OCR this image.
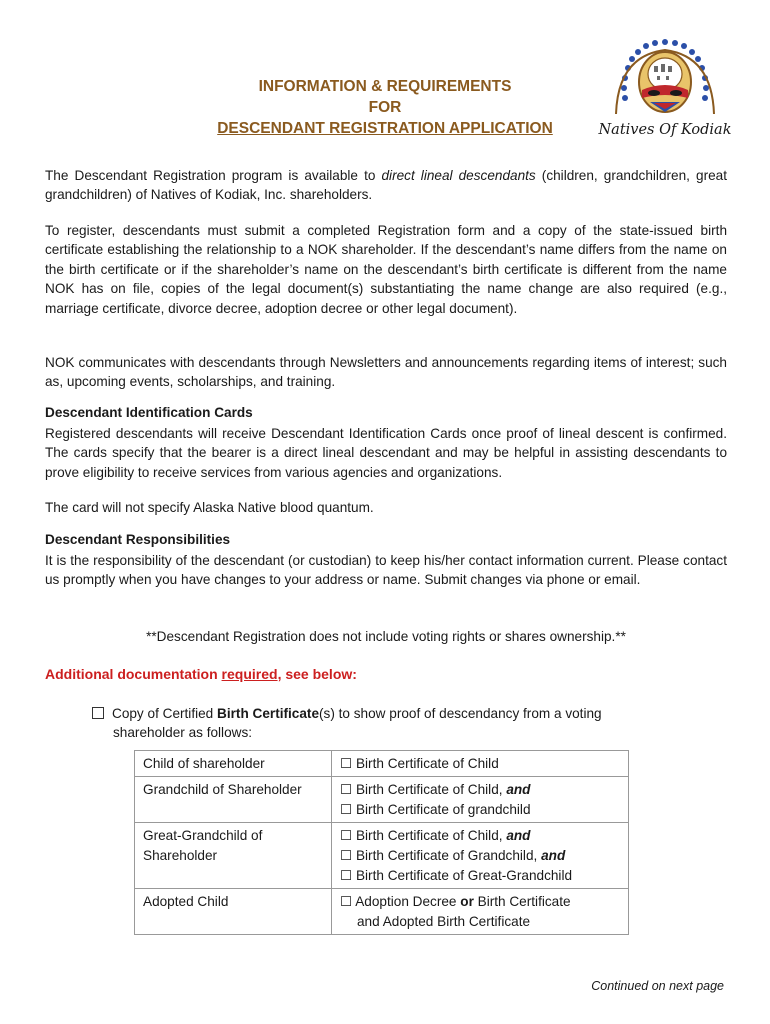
INFORMATION & REQUIREMENTS
FOR
DESCENDANT REGISTRATION APPLICATION	Natives Of Kodiak

The Descendant Registration program is available to direct lineal descendants (children, grandchildren, great grandchildren) of Natives of Kodiak, Inc. shareholders.

To register, descendants must submit a completed Registration form and a copy of the state-issued birth certificate establishing the relationship to a NOK shareholder. If the descendant’s name differs from the name on the birth certificate or if the shareholder’s name on the descendant’s birth certificate is different from the name NOK has on file, copies of the legal document(s) substantiating the name change are also required (e.g., marriage certificate, divorce decree, adoption decree or other legal document).

NOK communicates with descendants through Newsletters and announcements regarding items of interest; such as, upcoming events, scholarships, and training.

Descendant Identification Cards

Registered descendants will receive Descendant Identification Cards once proof of lineal descent is confirmed. The cards specify that the bearer is a direct lineal descendant and may be helpful in assisting descendants to prove eligibility to receive services from various agencies and organizations.

The card will not specify Alaska Native blood quantum.

Descendant Responsibilities

It is the responsibility of the descendant (or custodian) to keep his/her contact information current. Please contact us promptly when you have changes to your address or name. Submit changes via phone or email.

**Descendant Registration does not include voting rights or shares ownership.**

Additional documentation required, see below:

Copy of Certified Birth Certificate(s) to show proof of descendancy from a voting
shareholder as follows:
Child of shareholder	☐ Birth Certificate of Child

Grandchild of Shareholder	☐ Birth Certificate of Child, and
☐ Birth Certificate of grandchild

Great-Grandchild of
Shareholder	☐ Birth Certificate of Child, and
☐ Birth Certificate of Grandchild, and
☐ Birth Certificate of Great-Grandchild

Adopted Child	☐ Adoption Decree or Birth Certificate
and Adopted Birth Certificate

Continued on next page
